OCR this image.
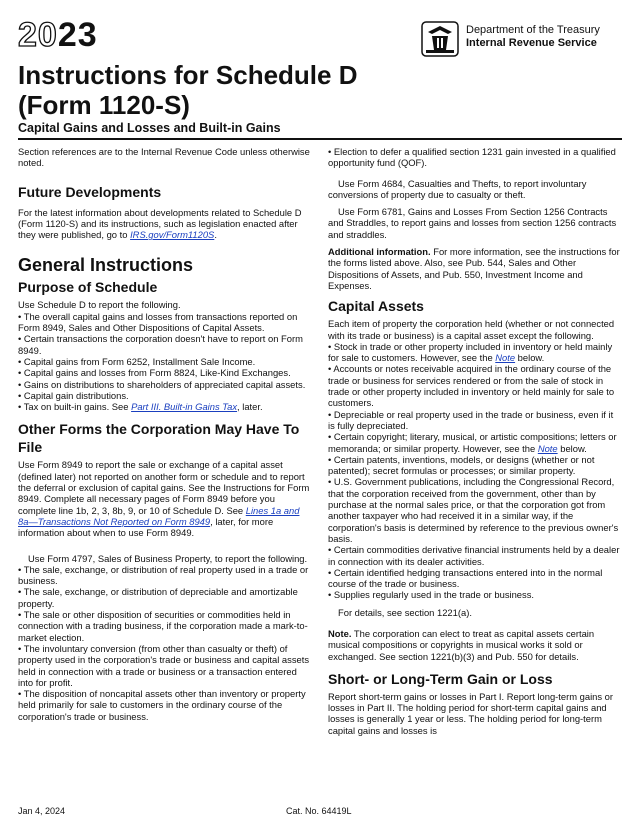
2023
Instructions for Schedule D
(Form 1120-S)
Capital Gains and Losses and Built-in Gains
Department of the Treasury
Internal Revenue Service

Section references are to the Internal Revenue Code unless otherwise noted.

Future Developments

For the latest information about developments related to Schedule D (Form 1120-S) and its instructions, such as legislation enacted after they were published, go to IRS.gov/Form1120S.

General Instructions

Purpose of Schedule

Use Schedule D to report the following.

• The overall capital gains and losses from transactions reported on Form 8949, Sales and Other Dispositions of Capital Assets.

• Certain transactions the corporation doesn't have to report on Form 8949.

• Capital gains from Form 6252, Installment Sale Income.

• Capital gains and losses from Form 8824, Like-Kind Exchanges.

• Gains on distributions to shareholders of appreciated capital assets.

• Capital gain distributions.

• Tax on built-in gains. See Part III. Built-in Gains Tax, later.

Other Forms the Corporation May Have To File

Use Form 8949 to report the sale or exchange of a capital asset (defined later) not reported on another form or schedule and to report the deferral or exclusion of capital gains. See the Instructions for Form 8949. Complete all necessary pages of Form 8949 before you complete line 1b, 2, 3, 8b, 9, or 10 of Schedule D. See Lines 1a and 8a—Transactions Not Reported on Form 8949, later, for more information about when to use Form 8949.

Use Form 4797, Sales of Business Property, to report the following.

• The sale, exchange, or distribution of real property used in a trade or business.

• The sale, exchange, or distribution of depreciable and amortizable property.

• The sale or other disposition of securities or commodities held in connection with a trading business, if the corporation made a mark-to-market election.

• The involuntary conversion (from other than casualty or theft) of property used in the corporation's trade or business and capital assets held in connection with a trade or business or a transaction entered into for profit.

• The disposition of noncapital assets other than inventory or property held primarily for sale to customers in the ordinary course of the corporation's trade or business.

• Election to defer a qualified section 1231 gain invested in a qualified opportunity fund (QOF).

Use Form 4684, Casualties and Thefts, to report involuntary conversions of property due to casualty or theft.

Use Form 6781, Gains and Losses From Section 1256 Contracts and Straddles, to report gains and losses from section 1256 contracts and straddles.

Additional information. For more information, see the instructions for the forms listed above. Also, see Pub. 544, Sales and Other Dispositions of Assets, and Pub. 550, Investment Income and Expenses.

Capital Assets

Each item of property the corporation held (whether or not connected with its trade or business) is a capital asset except the following.

• Stock in trade or other property included in inventory or held mainly for sale to customers. However, see the Note below.

• Accounts or notes receivable acquired in the ordinary course of the trade or business for services rendered or from the sale of stock in trade or other property included in inventory or held mainly for sale to customers.

• Depreciable or real property used in the trade or business, even if it is fully depreciated.

• Certain copyright; literary, musical, or artistic compositions; letters or memoranda; or similar property. However, see the Note below.

• Certain patents, inventions, models, or designs (whether or not patented); secret formulas or processes; or similar property.

• U.S. Government publications, including the Congressional Record, that the corporation received from the government, other than by purchase at the normal sales price, or that the corporation got from another taxpayer who had received it in a similar way, if the corporation's basis is determined by reference to the previous owner's basis.

• Certain commodities derivative financial instruments held by a dealer in connection with its dealer activities.

• Certain identified hedging transactions entered into in the normal course of the trade or business.

• Supplies regularly used in the trade or business.

For details, see section 1221(a).

Note. The corporation can elect to treat as capital assets certain musical compositions or copyrights in musical works it sold or exchanged. See section 1221(b)(3) and Pub. 550 for details.

Short- or Long-Term Gain or Loss

Report short-term gains or losses in Part I. Report long-term gains or losses in Part II. The holding period for short-term capital gains and losses is generally 1 year or less. The holding period for long-term capital gains and losses is

Jan 4, 2024	Cat. No. 64419L
